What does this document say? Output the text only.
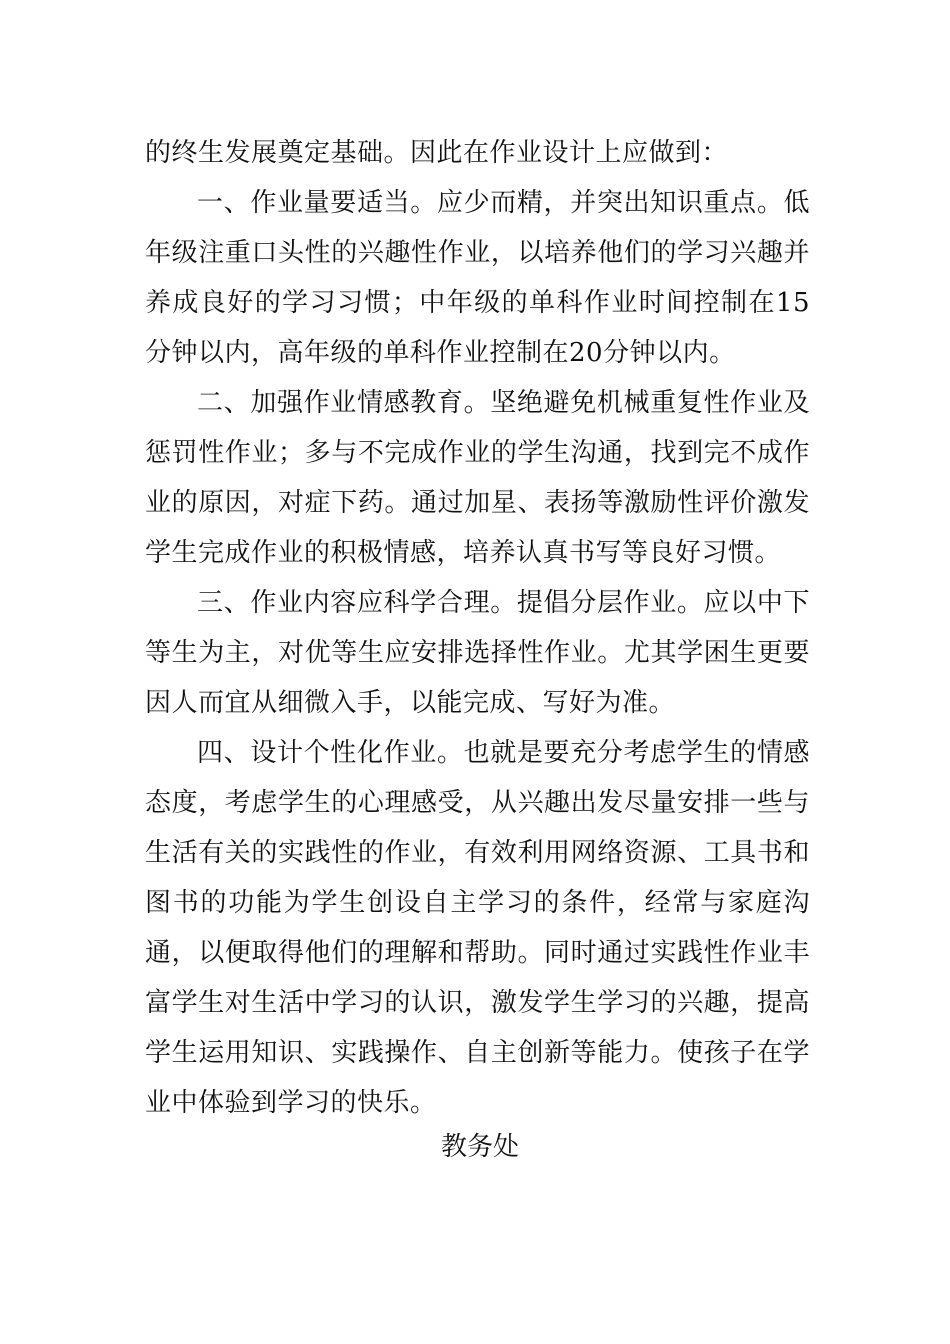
的终生发展奠定基础。因此在作业设计上应做到：

一、作业量要适当。应少而精，并突出知识重点。低年级注重口头性的兴趣性作业，以培养他们的学习兴趣并养成良好的学习习惯；中年级的单科作业时间控制在15分钟以内，高年级的单科作业控制在20分钟以内。

二、加强作业情感教育。坚绝避免机械重复性作业及惩罚性作业；多与不完成作业的学生沟通，找到完不成作业的原因，对症下药。通过加星、表扬等激励性评价激发学生完成作业的积极情感，培养认真书写等良好习惯。

三、作业内容应科学合理。提倡分层作业。应以中下等生为主，对优等生应安排选择性作业。尤其学困生更要因人而宜从细微入手，以能完成、写好为准。

四、设计个性化作业。也就是要充分考虑学生的情感态度，考虑学生的心理感受，从兴趣出发尽量安排一些与生活有关的实践性的作业，有效利用网络资源、工具书和图书的功能为学生创设自主学习的条件，经常与家庭沟通，以便取得他们的理解和帮助。同时通过实践性作业丰富学生对生活中学习的认识，激发学生学习的兴趣，提高学生运用知识、实践操作、自主创新等能力。使孩子在学业中体验到学习的快乐。

教务处
